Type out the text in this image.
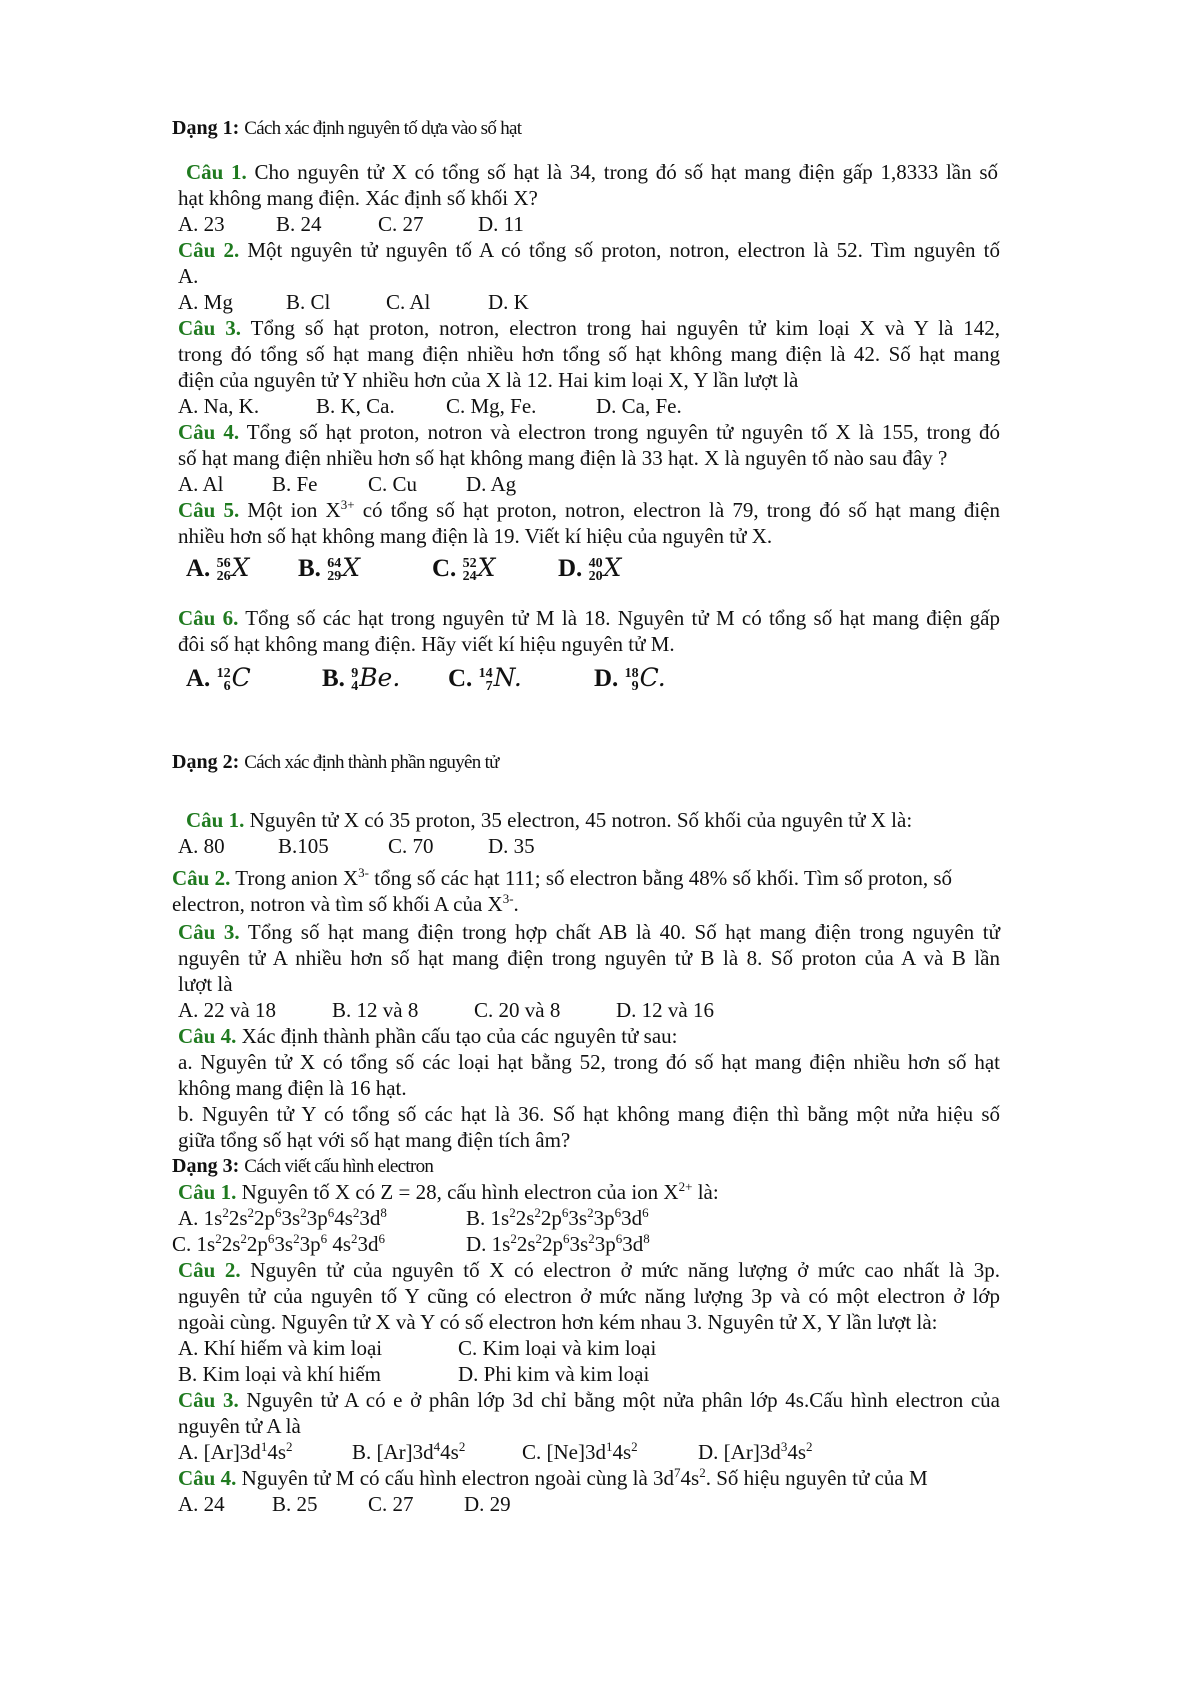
Dạng 1: Cách xác định nguyên tố dựa vào số hạt
Câu 1. Cho nguyên tử X có tổng số hạt là 34, trong đó số hạt mang điện gấp 1,8333 lần số
hạt không mang điện. Xác định số khối X?
A. 23 B. 24	C. 27	D. 11
Câu 2. Một nguyên tử nguyên tố A có tổng số proton, notron, electron là 52. Tìm nguyên tố
A.
A. Mg	B. Cl	C. Al	D. K
Câu 3. Tổng số hạt proton, notron, electron trong hai nguyên tử kim loại X và Y là 142,
trong đó tổng số hạt mang điện nhiều hơn tổng số hạt không mang điện là 42. Số hạt mang
điện của nguyên tử Y nhiều hơn của X là 12. Hai kim loại X, Y lần lượt là
A. Na, K.	B. K, Ca. C. Mg, Fe.	D. Ca, Fe.
Câu 4. Tổng số hạt proton, notron và electron trong nguyên tử nguyên tố X là 155, trong đó
số hạt mang điện nhiều hơn số hạt không mang điện là 33 hạt. X là nguyên tố nào sau đây ?
A. Al B. Fe C. Cu D. Ag
Câu 5. Một ion $X^{3+}$ có tổng số hạt proton, notron, electron là 79, trong đó số hạt mang điện
nhiều hơn số hạt không mang điện là 19. Viết kí hiệu của nguyên tử X.
A. 56
26 X B. 64
29 X	C. 52
24 X	D. 40
20 X
Câu 6. Tổng số các hạt trong nguyên tử M là 18. Nguyên tử M có tổng số hạt mang điện gấp
đôi số hạt không mang điện. Hãy viết kí hiệu nguyên tử M.
A. 12
6 C	B. 9
4 Be. C. 14
7 N.	D. 18
9 C.
Dạng 2: Cách xác định thành phần nguyên tử
Câu 1. Nguyên tử X có 35 proton, 35 electron, 45 notron. Số khối của nguyên tử X là:
A. 80	B.105	C. 70	D. 35
Câu 2. Trong anion $X^{3-}$ tổng số các hạt 111; số electron bằng 48% số khối. Tìm số proton, số
electron, notron và tìm số khối A của $X^{3-}$.
Câu 3. Tổng số hạt mang điện trong hợp chất AB là 40. Số hạt mang điện trong nguyên tử
nguyên tử A nhiều hơn số hạt mang điện trong nguyên tử B là 8. Số proton của A và B lần
lượt là
A. 22 và 18	B. 12 và 8	C. 20 và 8	D. 12 và 16
Câu 4. Xác định thành phần cấu tạo của các nguyên tử sau:
a. Nguyên tử X có tổng số các loại hạt bằng 52, trong đó số hạt mang điện nhiều hơn số hạt
không mang điện là 16 hạt.
b. Nguyên tử Y có tổng số các hạt là 36. Số hạt không mang điện thì bằng một nửa hiệu số
giữa tổng số hạt với số hạt mang điện tích âm?
Dạng 3: Cách viết cấu hình electron
Câu 1. Nguyên tố X có Z = 28, cấu hình electron của ion $X^{2+}$ là:
A. $1s^22s^22p^63s^23p^64s^23d^8$	B. $1s^22s^22p^63s^23p^63d^6$
C. $1s^22s^22p^63s^23p^6$ $4s^23d^6$	D. $1s^22s^22p^63s^23p^63d^8$
Câu 2. Nguyên tử của nguyên tố X có electron ở mức năng lượng ở mức cao nhất là 3p.
nguyên tử của nguyên tố Y cũng có electron ở mức năng lượng 3p và có một electron ở lớp
ngoài cùng. Nguyên tử X và Y có số electron hơn kém nhau 3. Nguyên tử X, Y lần lượt là:
A. Khí hiếm và kim loại	C. Kim loại và kim loại
B. Kim loại và khí hiếm	D. Phi kim và kim loại
Câu 3. Nguyên tử A có e ở phân lớp 3d chỉ bằng một nửa phân lớp 4s.Cấu hình electron của
nguyên tử A là
A. $[Ar]3d^14s^2$	B. $[Ar]3d^44s^2$	C. $[Ne]3d^14s^2$	D. $[Ar]3d^34s^2$
Câu 4. Nguyên tử M có cấu hình electron ngoài cùng là $3d^74s^2$. Số hiệu nguyên tử của M
A. 24 B. 25 C. 27 D. 29
